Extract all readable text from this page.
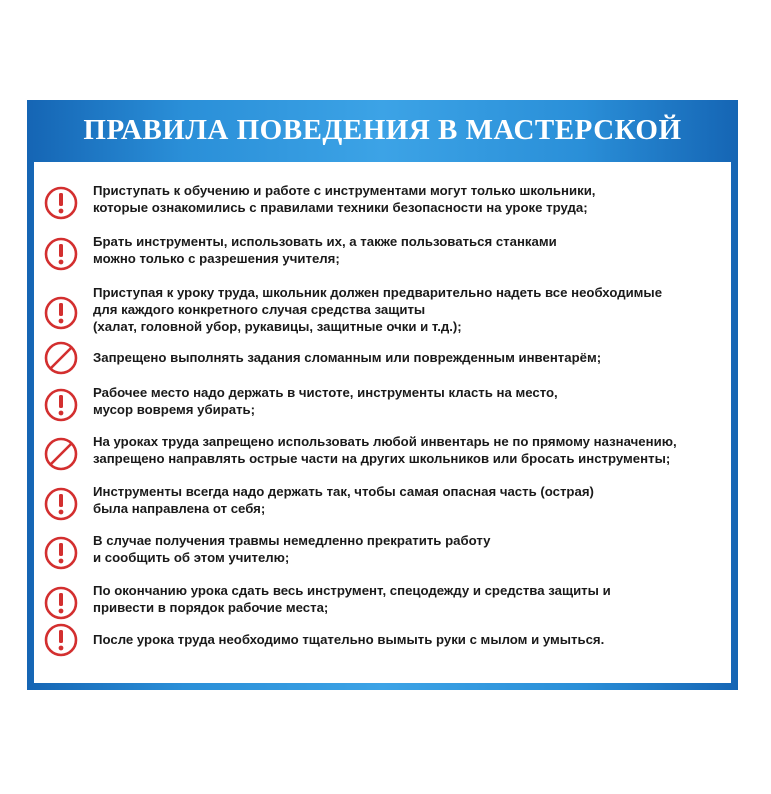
ПРАВИЛА ПОВЕДЕНИЯ В МАСТЕРСКОЙ
Приступать к обучению и работе с инструментами могут только школьники,
которые ознакомились с правилами техники безопасности на уроке труда;
Брать инструменты, использовать их, а также пользоваться станками
можно только с разрешения учителя;
Приступая к уроку труда, школьник должен предварительно надеть все необходимые
для каждого конкретного случая средства защиты
(халат, головной убор, рукавицы, защитные очки и т.д.);
Запрещено выполнять задания сломанным или поврежденным инвентарём;
Рабочее место надо держать в чистоте, инструменты класть на место,
мусор вовремя убирать;
На уроках труда запрещено использовать любой инвентарь не по прямому назначению,
запрещено направлять острые части на других школьников или бросать инструменты;
Инструменты всегда надо держать так, чтобы самая опасная часть (острая)
была направлена от себя;
В случае получения травмы немедленно прекратить работу
и сообщить об этом учителю;
По окончанию урока сдать весь инструмент, спецодежду и средства защиты и
привести в порядок рабочие места;
После урока труда необходимо тщательно вымыть руки с мылом и умыться.
